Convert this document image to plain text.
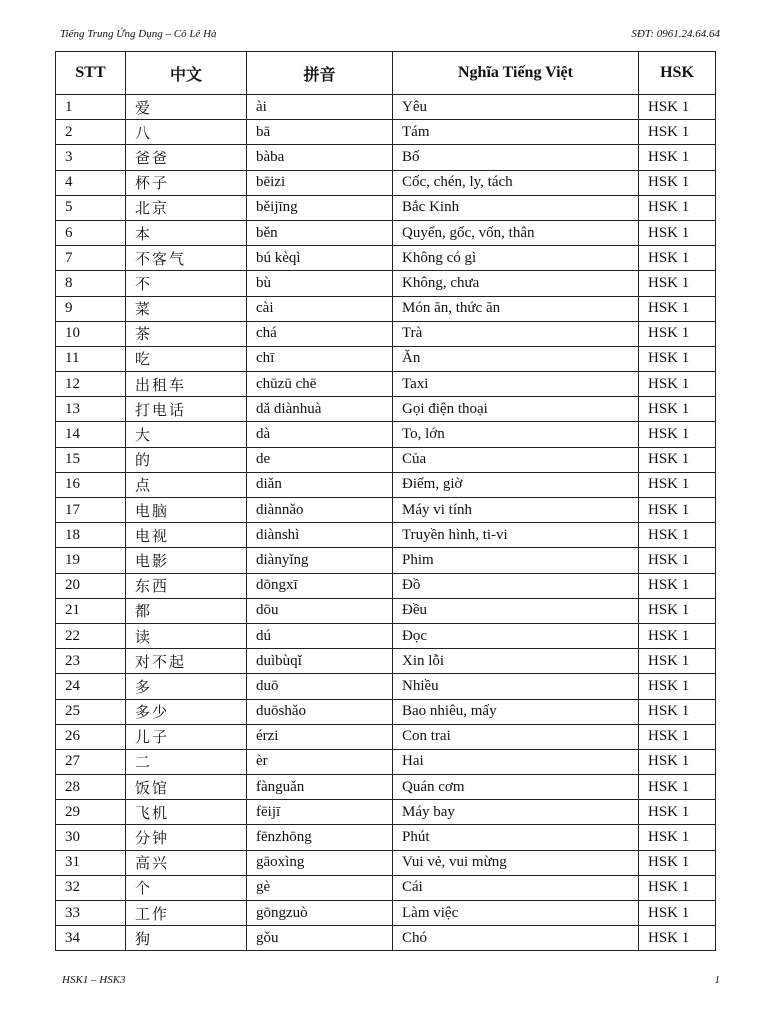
Tiếng Trung Ứng Dụng – Cô Lê Hà	SĐT: 0961.24.64.64
STT	中文	拼音	Nghĩa Tiếng Việt	HSK
1	爱	ài	Yêu	HSK 1
2	八	bā	Tám	HSK 1
3	爸爸	bàba	Bố	HSK 1
4	杯子	bēizi	Cốc, chén, ly, tách	HSK 1
5	北京	běijīng	Bắc Kinh	HSK 1
6	本	běn	Quyển, gốc, vốn, thân	HSK 1
7	不客气	bú kèqì	Không có gì	HSK 1
8	不	bù	Không, chưa	HSK 1
9	菜	cài	Món ăn, thức ăn	HSK 1
10	茶	chá	Trà	HSK 1
11	吃	chī	Ăn	HSK 1
12	出租车	chūzū chē	Taxi	HSK 1
13	打电话	dǎ diànhuà	Gọi điện thoại	HSK 1
14	大	dà	To, lớn	HSK 1
15	的	de	Của	HSK 1
16	点	diǎn	Điểm, giờ	HSK 1
17	电脑	diànnǎo	Máy vi tính	HSK 1
18	电视	diànshì	Truyền hình, ti-vi	HSK 1
19	电影	diànyǐng	Phim	HSK 1
20	东西	dōngxī	Đồ	HSK 1
21	都	dōu	Đều	HSK 1
22	读	dú	Đọc	HSK 1
23	对不起	duìbùqǐ	Xin lỗi	HSK 1
24	多	duō	Nhiều	HSK 1
25	多少	duōshǎo	Bao nhiêu, mấy	HSK 1
26	儿子	érzi	Con trai	HSK 1
27	二	èr	Hai	HSK 1
28	饭馆	fànguǎn	Quán cơm	HSK 1
29	飞机	fēijī	Máy bay	HSK 1
30	分钟	fēnzhōng	Phút	HSK 1
31	高兴	gāoxìng	Vui vẻ, vui mừng	HSK 1
32	个	gè	Cái	HSK 1
33	工作	gōngzuò	Làm việc	HSK 1
34	狗	gǒu	Chó	HSK 1
HSK1 – HSK3	1
